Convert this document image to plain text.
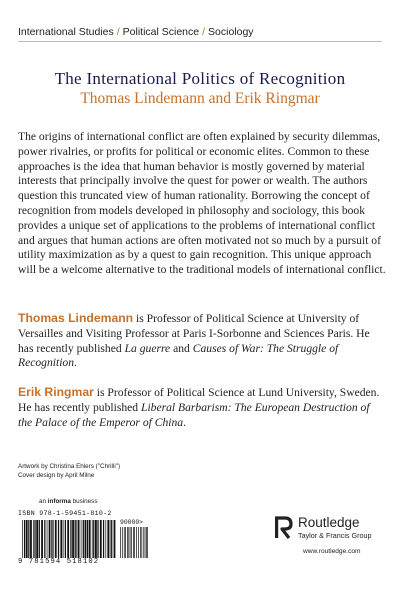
International Studies / Political Science / Sociology
The International Politics of Recognition
Thomas Lindemann and Erik Ringmar

The origins of international conflict are often explained by security dilemmas, power rivalries, or profits for political or economic elites. Common to these approaches is the idea that human behavior is mostly governed by material interests that principally involve the quest for power or wealth. The authors question this truncated view of human rationality. Borrowing the concept of recognition from models developed in philosophy and sociology, this book provides a unique set of applications to the problems of international conflict and argues that human actions are often motivated not so much by a pursuit of utility maximization as by a quest to gain recognition. This unique approach will be a welcome alternative to the traditional models of international conflict.

Thomas Lindemann is Professor of Political Science at University of Versailles and Visiting Professor at Paris I-Sorbonne and Sciences Paris. He has recently published La guerre and Causes of War: The Struggle of Recognition.

Erik Ringmar is Professor of Political Science at Lund University, Sweden. He has recently published Liberal Barbarism: The European Destruction of the Palace of the Emperor of China.

Artwork by Christina Ehlers ("Chrilli")
Cover design by April Milne
an informa business
ISBN 978-1-59451-810-2
90000>
9 781594 518102
Routledge
Taylor & Francis Group
www.routledge.com
